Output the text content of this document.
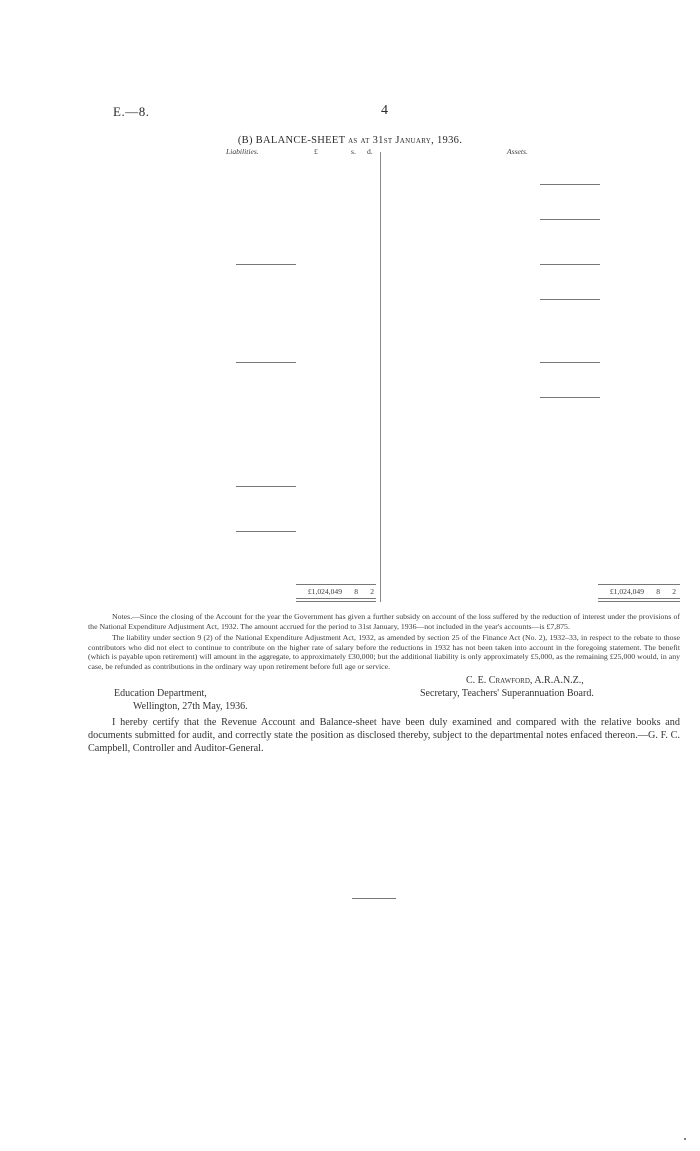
E.—8.	4
(B) BALANCE-SHEET as at 31st January, 1936.
Liabilities.	£	s. d.	Assets.
£1,024,049	8	2	£1,024,049	8	2

Notes.—Since the closing of the Account for the year the Government has given a further subsidy on account of the loss suffered by the reduction of interest under the provisions of the National Expenditure Adjustment Act, 1932. The amount accrued for the period to 31st January, 1936—not included in the year's accounts—is £7,875.

The liability under section 9 (2) of the National Expenditure Adjustment Act, 1932, as amended by section 25 of the Finance Act (No. 2), 1932–33, in respect to the rebate to those contributors who did not elect to continue to contribute on the higher rate of salary before the reductions in 1932 has not been taken into account in the foregoing statement. The benefit (which is payable upon retirement) will amount in the aggregate, to approximately £30,000; but the additional liability is only approximately £5,000, as the remaining £25,000 would, in any case, be refunded as contributions in the ordinary way upon retirement before full age or service.

Education Department,
Wellington, 27th May, 1936.
C. E. Crawford, A.R.A.N.Z.,
Secretary, Teachers' Superannuation Board.
I hereby certify that the Revenue Account and Balance-sheet have been duly examined and compared with the relative books and documents submitted for audit, and correctly state the position as disclosed thereby, subject to the departmental notes enfaced thereon.—G. F. C. Campbell, Controller and Auditor-General.
